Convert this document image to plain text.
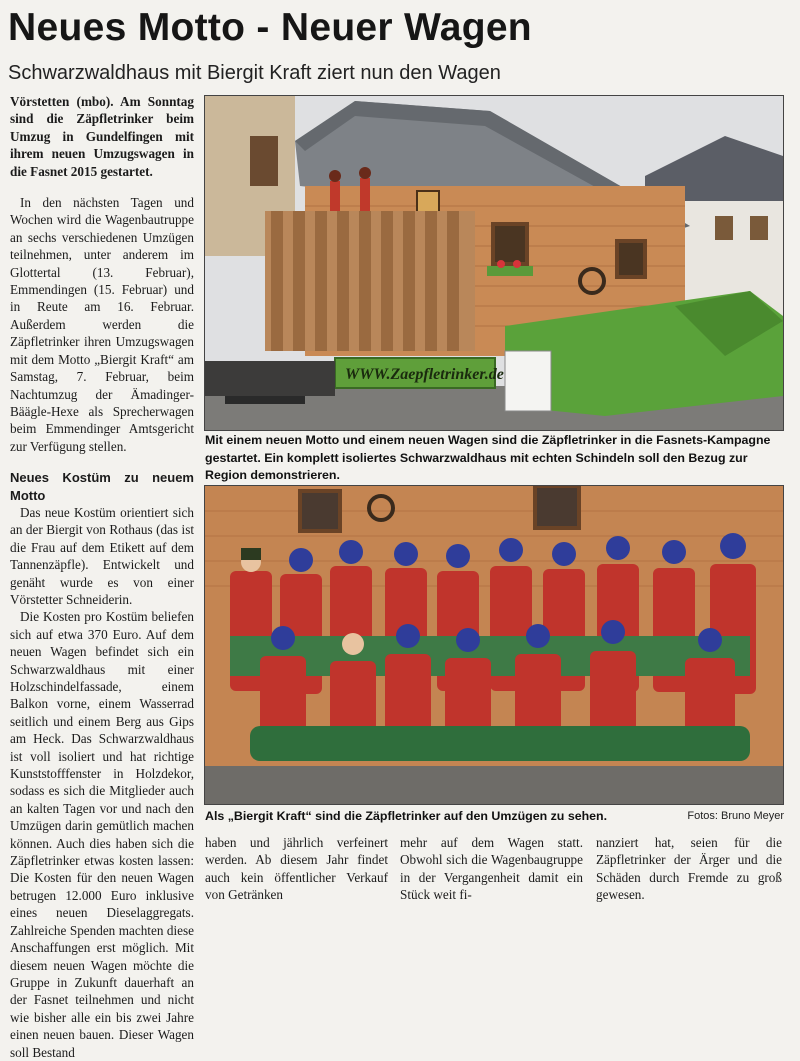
Neues Motto - Neuer Wagen
Schwarzwaldhaus mit Biergit Kraft ziert nun den Wagen

Vörstetten (mbo). Am Sonntag sind die Zäpfletrinker beim Umzug in Gundelfingen mit ihrem neuen Umzugswagen in die Fasnet 2015 gestartet.

In den nächsten Tagen und Wochen wird die Wagenbautruppe an sechs verschiedenen Umzügen teilnehmen, unter anderem im Glottertal (13. Februar), Emmendingen (15. Februar) und in Reute am 16. Februar. Außerdem werden die Zäpfletrinker ihren Umzugswagen mit dem Motto „Biergit Kraft“ am Samstag, 7. Februar, beim Nachtumzug der Ämadinger-Bäägle-Hexe als Sprecherwagen beim Emmendinger Amtsgericht zur Verfügung stellen.

Neues Kostüm zu neuem Motto

Das neue Kostüm orientiert sich an der Biergit von Rothaus (das ist die Frau auf dem Etikett auf dem Tannenzäpfle). Entwickelt und genäht wurde es von einer Vörstetter Schneiderin.

Die Kosten pro Kostüm beliefen sich auf etwa 370 Euro. Auf dem neuen Wagen befindet sich ein Schwarzwaldhaus mit einer Holzschindelfassade, einem Balkon vorne, einem Wasserrad seitlich und einem Berg aus Gips am Heck. Das Schwarzwaldhaus ist voll isoliert und hat richtige Kunststofffenster in Holzdekor, sodass es sich die Mitglieder auch an kalten Tagen vor und nach den Umzügen darin gemütlich machen können. Auch dies haben sich die Zäpfletrinker etwas kosten lassen: Die Kosten für den neuen Wagen betrugen 12.000 Euro inklusive eines neuen Dieselaggregats. Zahlreiche Spenden machten diese Anschaffungen erst möglich. Mit diesem neuen Wagen möchte die Gruppe in Zukunft dauerhaft an der Fasnet teilnehmen und nicht wie bisher alle ein bis zwei Jahre einen neuen bauen. Dieser Wagen soll Bestand

WWW.Zaepfletrinker.de
Mit einem neuen Motto und einem neuen Wagen sind die Zäpfletrinker in die Fasnets-Kampagne gestartet. Ein komplett isoliertes Schwarzwaldhaus mit echten Schindeln soll den Bezug zur Region demonstrieren.
Als „Biergit Kraft“ sind die Zäpfletrinker auf den Umzügen zu sehen.	Fotos: Bruno Meyer

haben und jährlich verfeinert werden. Ab diesem Jahr findet auch kein öffentlicher Verkauf von Getränken

mehr auf dem Wagen statt. Obwohl sich die Wagenbaugruppe in der Vergangenheit damit ein Stück weit fi-

nanziert hat, seien für die Zäpfletrinker der Ärger und die Schäden durch Fremde zu groß gewesen.
